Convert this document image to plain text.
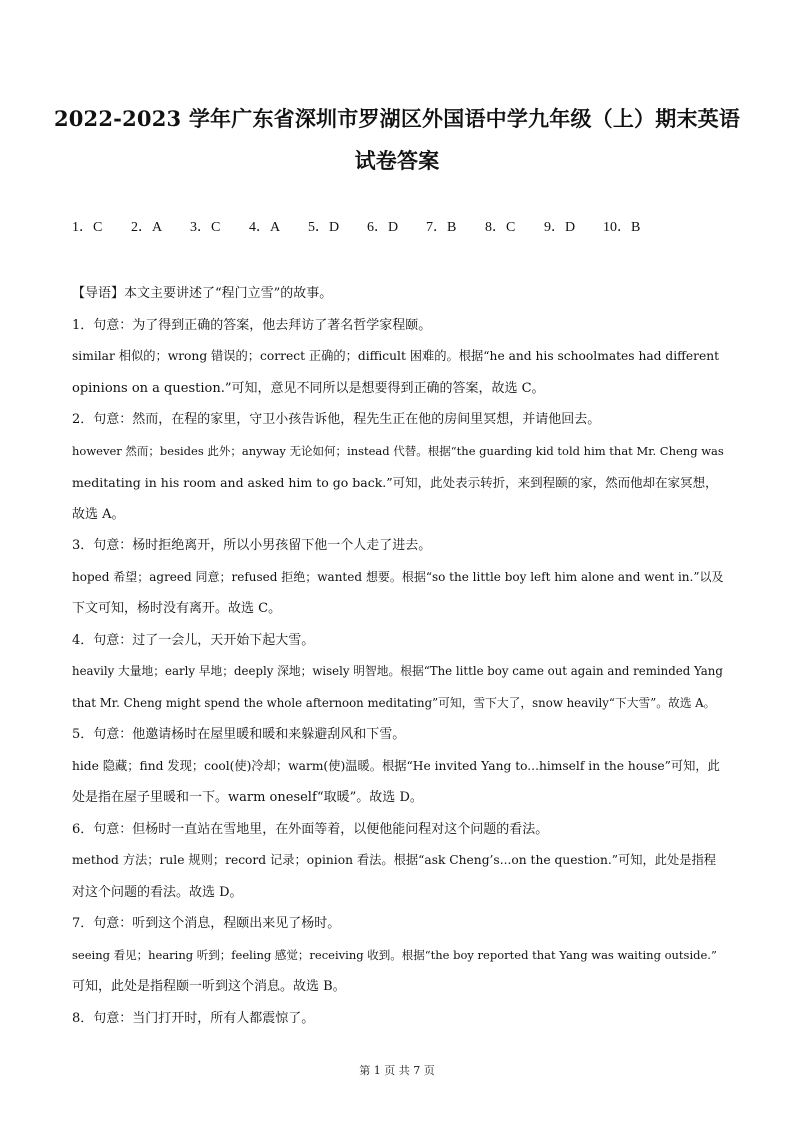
2022-2023 学年广东省深圳市罗湖区外国语中学九年级（上）期末英语
试卷答案
1．C	2．A	3．C	4．A	5．D	6．D	7．B	8．C	9．D	10．B
【导语】本文主要讲述了“程门立雪”的故事。
1．句意：为了得到正确的答案，他去拜访了著名哲学家程颐。
similar 相似的；wrong 错误的；correct 正确的；difficult 困难的。根据“he and his schoolmates had different
opinions on a question.”可知，意见不同所以是想要得到正确的答案，故选 C。
2．句意：然而，在程的家里，守卫小孩告诉他，程先生正在他的房间里冥想，并请他回去。
however 然而；besides 此外；anyway 无论如何；instead 代替。根据“the guarding kid told him that Mr. Cheng was
meditating in his room and asked him to go back.”可知，此处表示转折，来到程颐的家，然而他却在家冥想，
故选 A。
3．句意：杨时拒绝离开，所以小男孩留下他一个人走了进去。
hoped 希望；agreed 同意；refused 拒绝；wanted 想要。根据“so the little boy left him alone and went in.”以及
下文可知，杨时没有离开。故选 C。
4．句意：过了一会儿，天开始下起大雪。
heavily 大量地；early 早地；deeply 深地；wisely 明智地。根据“The little boy came out again and reminded Yang
that Mr. Cheng might spend the whole afternoon meditating”可知，雪下大了，snow heavily“下大雪”。故选 A。
5．句意：他邀请杨时在屋里暖和暖和来躲避刮风和下雪。
hide 隐藏；find 发现；cool(使)冷却；warm(使)温暖。根据“He invited Yang to...himself in the house”可知，此
处是指在屋子里暖和一下。warm oneself“取暖”。故选 D。
6．句意：但杨时一直站在雪地里，在外面等着，以便他能问程对这个问题的看法。
method 方法；rule 规则；record 记录；opinion 看法。根据“ask Cheng’s...on the question.”可知，此处是指程
对这个问题的看法。故选 D。
7．句意：听到这个消息，程颐出来见了杨时。
seeing 看见；hearing 听到；feeling 感觉；receiving 收到。根据“the boy reported that Yang was waiting outside.”
可知，此处是指程颐一听到这个消息。故选 B。
8．句意：当门打开时，所有人都震惊了。
第 1 页 共 7 页
